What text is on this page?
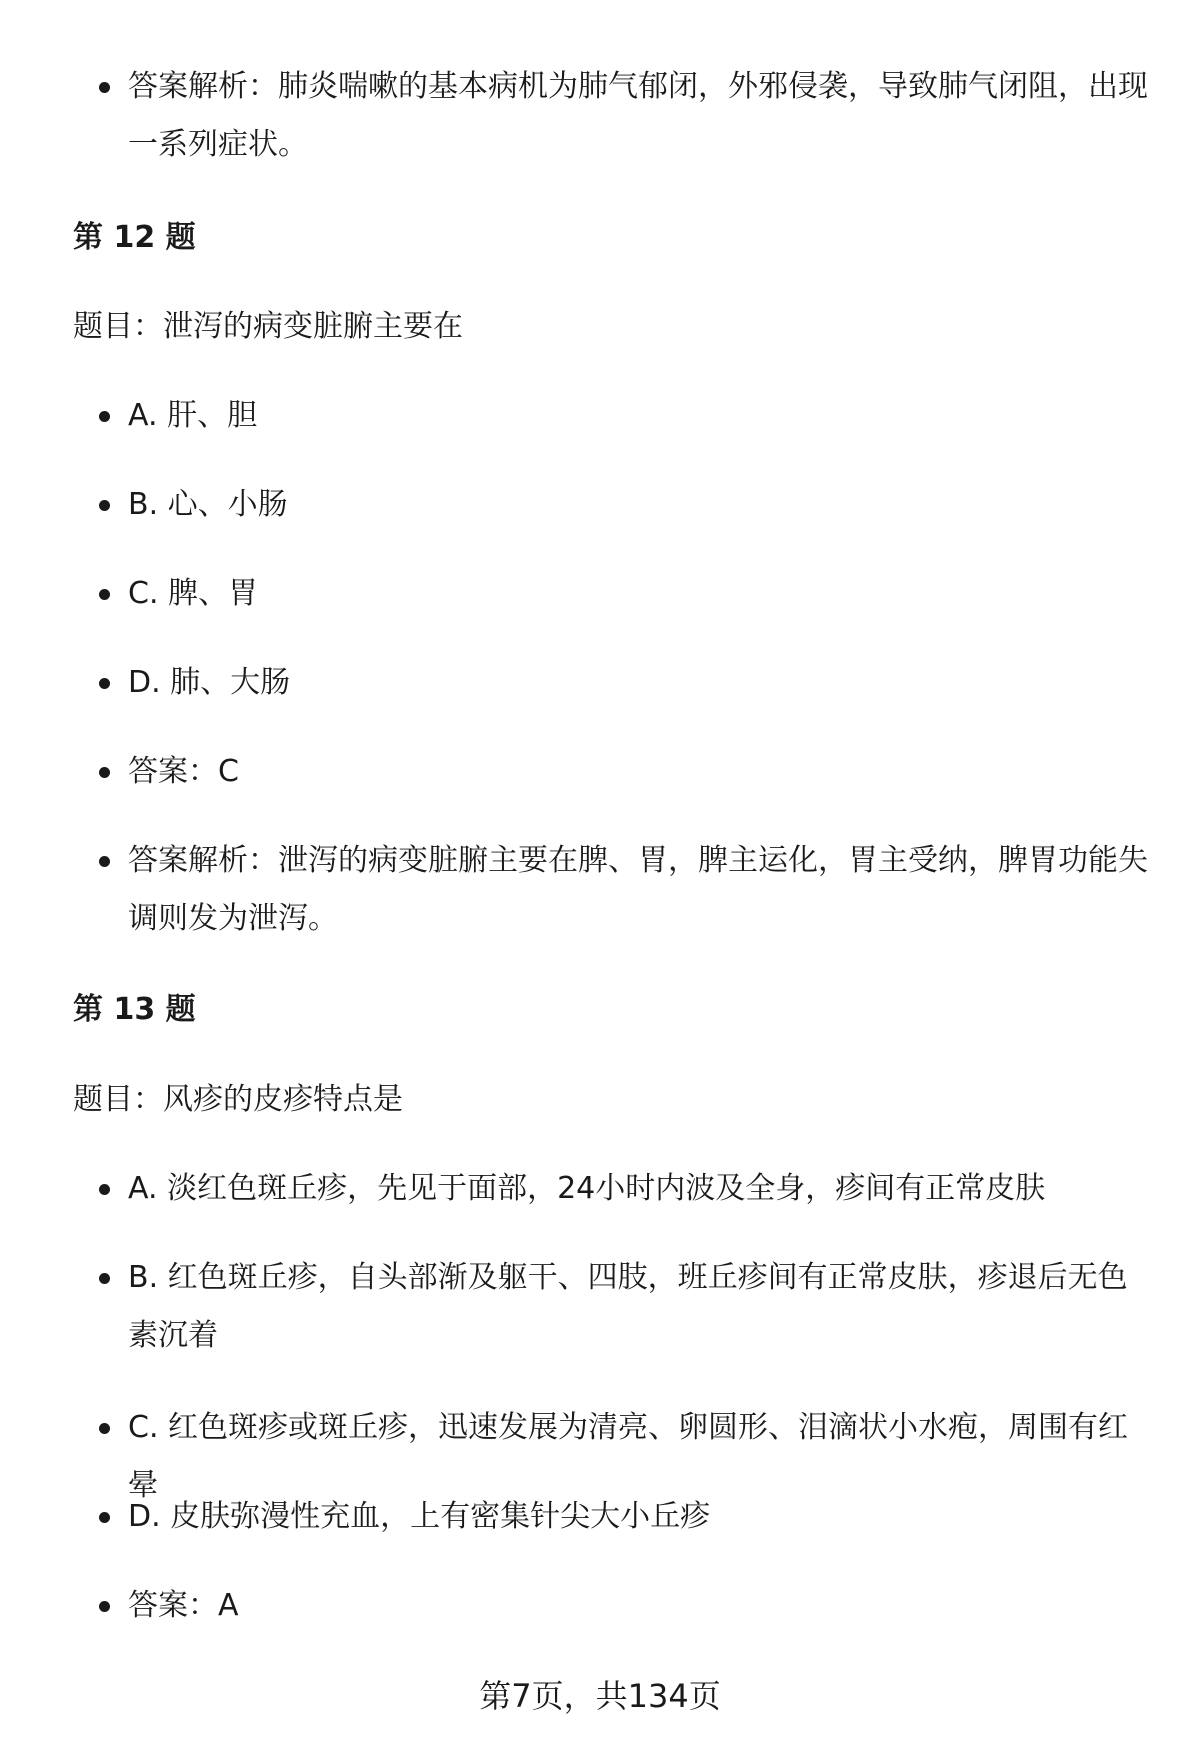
答案解析：肺炎喘嗽的基本病机为肺气郁闭，外邪侵袭，导致肺气闭阻，出现一系列症状。

第 12 题

题目：泄泻的病变脏腑主要在

A. 肝、胆

B. 心、小肠

C. 脾、胃

D. 肺、大肠

答案：C

答案解析：泄泻的病变脏腑主要在脾、胃，脾主运化，胃主受纳，脾胃功能失调则发为泄泻。

第 13 题

题目：风疹的皮疹特点是

A. 淡红色斑丘疹，先见于面部，24小时内波及全身，疹间有正常皮肤

B. 红色斑丘疹，自头部渐及躯干、四肢，班丘疹间有正常皮肤，疹退后无色素沉着

C. 红色斑疹或斑丘疹，迅速发展为清亮、卵圆形、泪滴状小水疱，周围有红晕

D. 皮肤弥漫性充血，上有密集针尖大小丘疹

答案：A

第7页，共134页
